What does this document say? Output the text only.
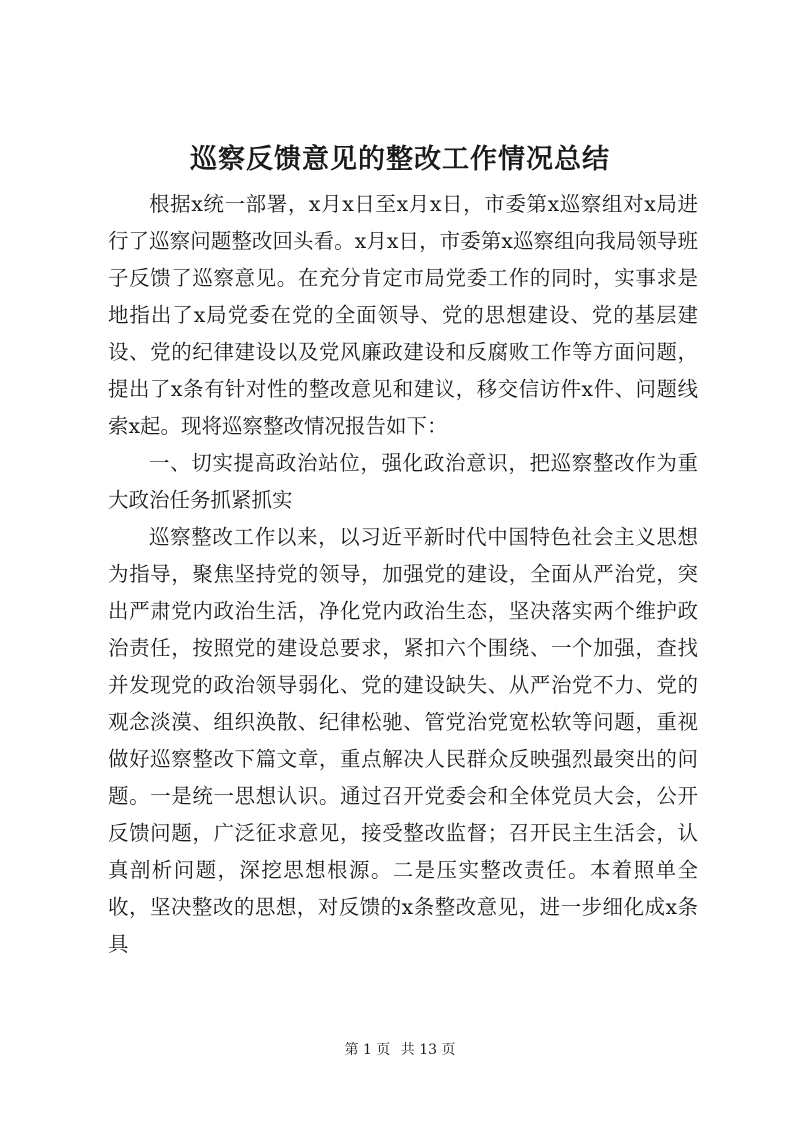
巡察反馈意见的整改工作情况总结

根据x统一部署，x月x日至x月x日，市委第x巡察组对x局进行了巡察问题整改回头看。x月x日，市委第x巡察组向我局领导班子反馈了巡察意见。在充分肯定市局党委工作的同时，实事求是地指出了x局党委在党的全面领导、党的思想建设、党的基层建设、党的纪律建设以及党风廉政建设和反腐败工作等方面问题，提出了x条有针对性的整改意见和建议，移交信访件x件、问题线索x起。现将巡察整改情况报告如下：

一、切实提高政治站位，强化政治意识，把巡察整改作为重大政治任务抓紧抓实

巡察整改工作以来，以习近平新时代中国特色社会主义思想为指导，聚焦坚持党的领导，加强党的建设，全面从严治党，突出严肃党内政治生活，净化党内政治生态，坚决落实两个维护政治责任，按照党的建设总要求，紧扣六个围绕、一个加强，查找并发现党的政治领导弱化、党的建设缺失、从严治党不力、党的观念淡漠、组织涣散、纪律松驰、管党治党宽松软等问题，重视做好巡察整改下篇文章，重点解决人民群众反映强烈最突出的问题。一是统一思想认识。通过召开党委会和全体党员大会，公开反馈问题，广泛征求意见，接受整改监督；召开民主生活会，认真剖析问题，深挖思想根源。二是压实整改责任。本着照单全收，坚决整改的思想，对反馈的x条整改意见，进一步细化成x条具

第 1 页 共 13 页
